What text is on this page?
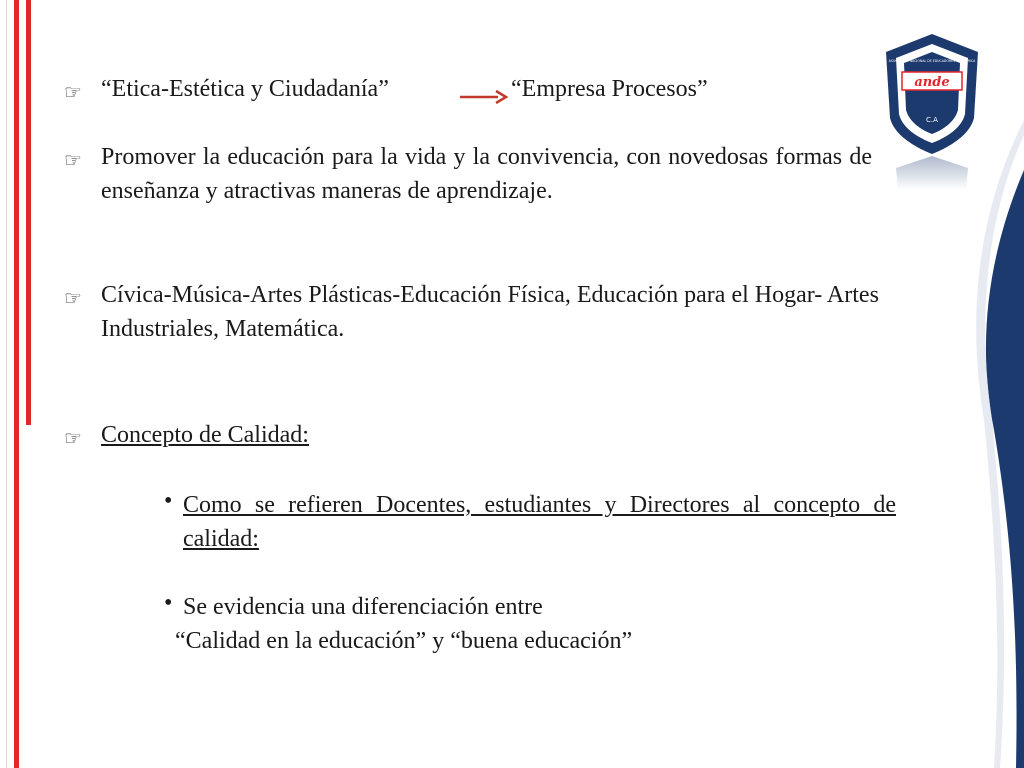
ande
C.A
ASOCIACION NACIONAL DE EDUCADORES COSTA RICA
☞ “Etica-Estética y Ciudadanía”	“Empresa Procesos”
☞ Promover la educación para la vida y la convivencia, con novedosas formas de enseñanza y atractivas maneras de aprendizaje.
☞ Cívica-Música-Artes Plásticas-Educación Física, Educación para el Hogar- Artes Industriales, Matemática.
☞ Concepto de Calidad:
• Como se refieren Docentes, estudiantes y Directores al concepto de calidad:
• Se evidencia una diferenciación entre
“Calidad en la educación” y “buena educación”
